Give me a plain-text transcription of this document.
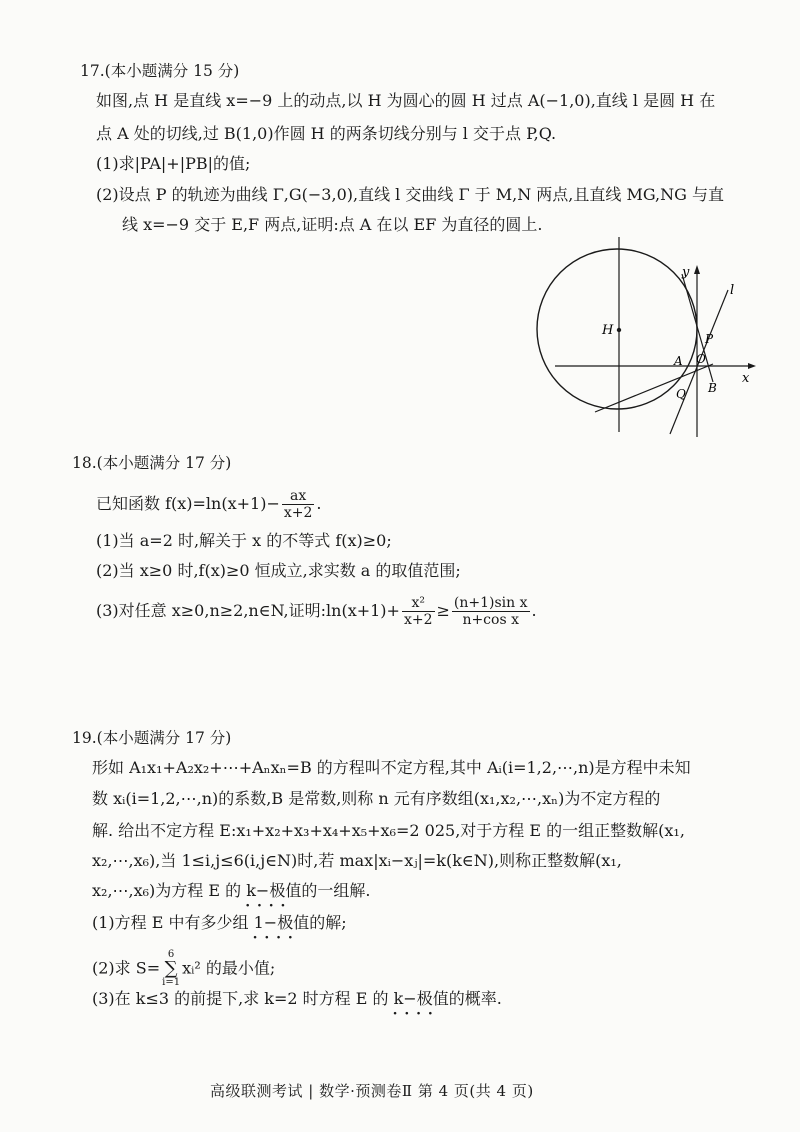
17.(本小题满分 15 分)
如图,点 H 是直线 x=−9 上的动点,以 H 为圆心的圆 H 过点 A(−1,0),直线 l 是圆 H 在
点 A 处的切线,过 B(1,0)作圆 H 的两条切线分别与 l 交于点 P,Q.
(1)求|PA|+|PB|的值;
(2)设点 P 的轨迹为曲线 Γ,G(−3,0),直线 l 交曲线 Γ 于 M,N 两点,且直线 MG,NG 与直
线 x=−9 交于 E,F 两点,证明:点 A 在以 EF 为直径的圆上.
H
y
l
P
A O
x
Q B
18.(本小题满分 17 分)
已知函数 $f(x)=\ln(x+1)- \frac{ax}{x+2}$ .
(1)当 a=2 时,解关于 x 的不等式 f(x)≥0;
(2)当 x≥0 时,f(x)≥0 恒成立,求实数 a 的取值范围;
(3)对任意 x≥0,n≥2,n∈N,证明:ln(x+1)+ $\frac{\text{x²}}{x+2} \ge \frac{\text{(n+1)sin x}}{\text{n+cos x}}$ .
19.(本小题满分 17 分)
形如 A₁x₁+A₂x₂+⋯+Aₙxₙ=B 的方程叫不定方程,其中 Aᵢ(i=1,2,⋯,n)是方程中未知
数 xᵢ(i=1,2,⋯,n)的系数,B 是常数,则称 n 元有序数组(x₁,x₂,⋯,xₙ)为不定方程的
解. 给出不定方程 E:x₁+x₂+x₃+x₄+x₅+x₆=2 025,对于方程 E 的一组正整数解(x₁,
x₂,⋯,x₆),当 1≤i,j≤6(i,j∈N)时,若 max|xᵢ−xⱼ|=k(k∈N),则称正整数解(x₁,
x₂,⋯,x₆)为方程 E 的 k−极值 · · · ·的一组解.
(1)方程 E 中有多少组 1−极值 · · · ·的解;
(2)求 S=
6
∑
i=1
xᵢ² 的最小值;
(3)在 k≤3 的前提下,求 k=2 时方程 E 的 k−极值 · · · ·的概率.
高级联测考试 | 数学·预测卷Ⅱ 第 4 页(共 4 页)
